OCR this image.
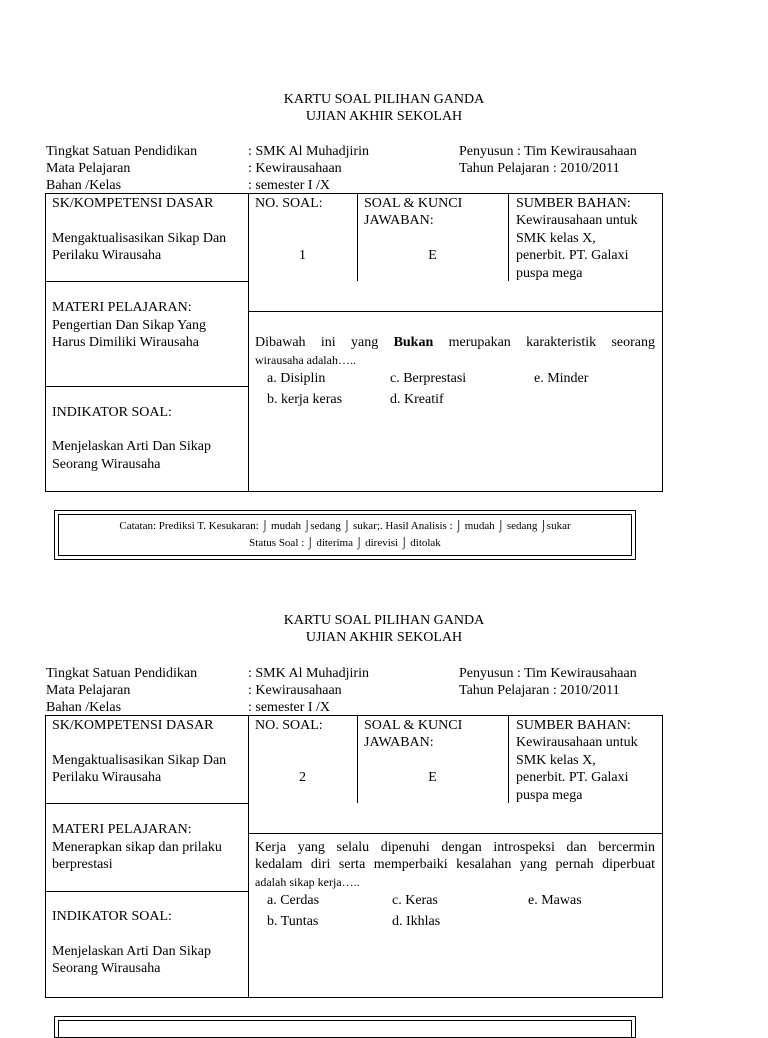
KARTU SOAL PILIHAN GANDA
UJIAN AKHIR SEKOLAH
Tingkat Satuan Pendidikan	: SMK Al Muhadjirin	Penyusun : Tim Kewirausahaan
Mata Pelajaran	: Kewirausahaan	Tahun Pelajaran : 2010/2011
Bahan /Kelas	: semester I /X
SK/KOMPETENSI DASAR
Mengaktualisasikan Sikap Dan
Perilaku Wirausaha
MATERI PELAJARAN:
Pengertian Dan Sikap Yang
Harus Dimiliki Wirausaha
INDIKATOR SOAL:
Menjelaskan Arti Dan Sikap
Seorang Wirausaha
NO. SOAL:
1
SOAL & KUNCI
JAWABAN:
E
SUMBER BAHAN:
Kewirausahaan untuk
SMK kelas X,
penerbit. PT. Galaxi
puspa mega
Dibawah ini yang Bukan merupakan karakteristik seorang
wirausaha adalah…..
a. Disiplin	c. Berprestasi	e. Minder
b. kerja keras	d. Kreatif
Catatan: Prediksi T. Kesukaran: ⌡ mudah ⌡sedang ⌡ sukar;. Hasil Analisis : ⌡ mudah ⌡ sedang ⌡sukar
Status Soal : ⌡ diterima ⌡ direvisi ⌡ ditolak
KARTU SOAL PILIHAN GANDA
UJIAN AKHIR SEKOLAH
Tingkat Satuan Pendidikan	: SMK Al Muhadjirin	Penyusun : Tim Kewirausahaan
Mata Pelajaran	: Kewirausahaan	Tahun Pelajaran : 2010/2011
Bahan /Kelas	: semester I /X
SK/KOMPETENSI DASAR
Mengaktualisasikan Sikap Dan
Perilaku Wirausaha
MATERI PELAJARAN:
Menerapkan sikap dan prilaku
berprestasi
INDIKATOR SOAL:
Menjelaskan Arti Dan Sikap
Seorang Wirausaha
NO. SOAL:
2
SOAL & KUNCI
JAWABAN:
E
SUMBER BAHAN:
Kewirausahaan untuk
SMK kelas X,
penerbit. PT. Galaxi
puspa mega
Kerja yang selalu dipenuhi dengan introspeksi dan bercermin
kedalam diri serta memperbaiki kesalahan yang pernah diperbuat
adalah sikap kerja…..
a. Cerdas	c. Keras	e. Mawas
b. Tuntas	d. Ikhlas
